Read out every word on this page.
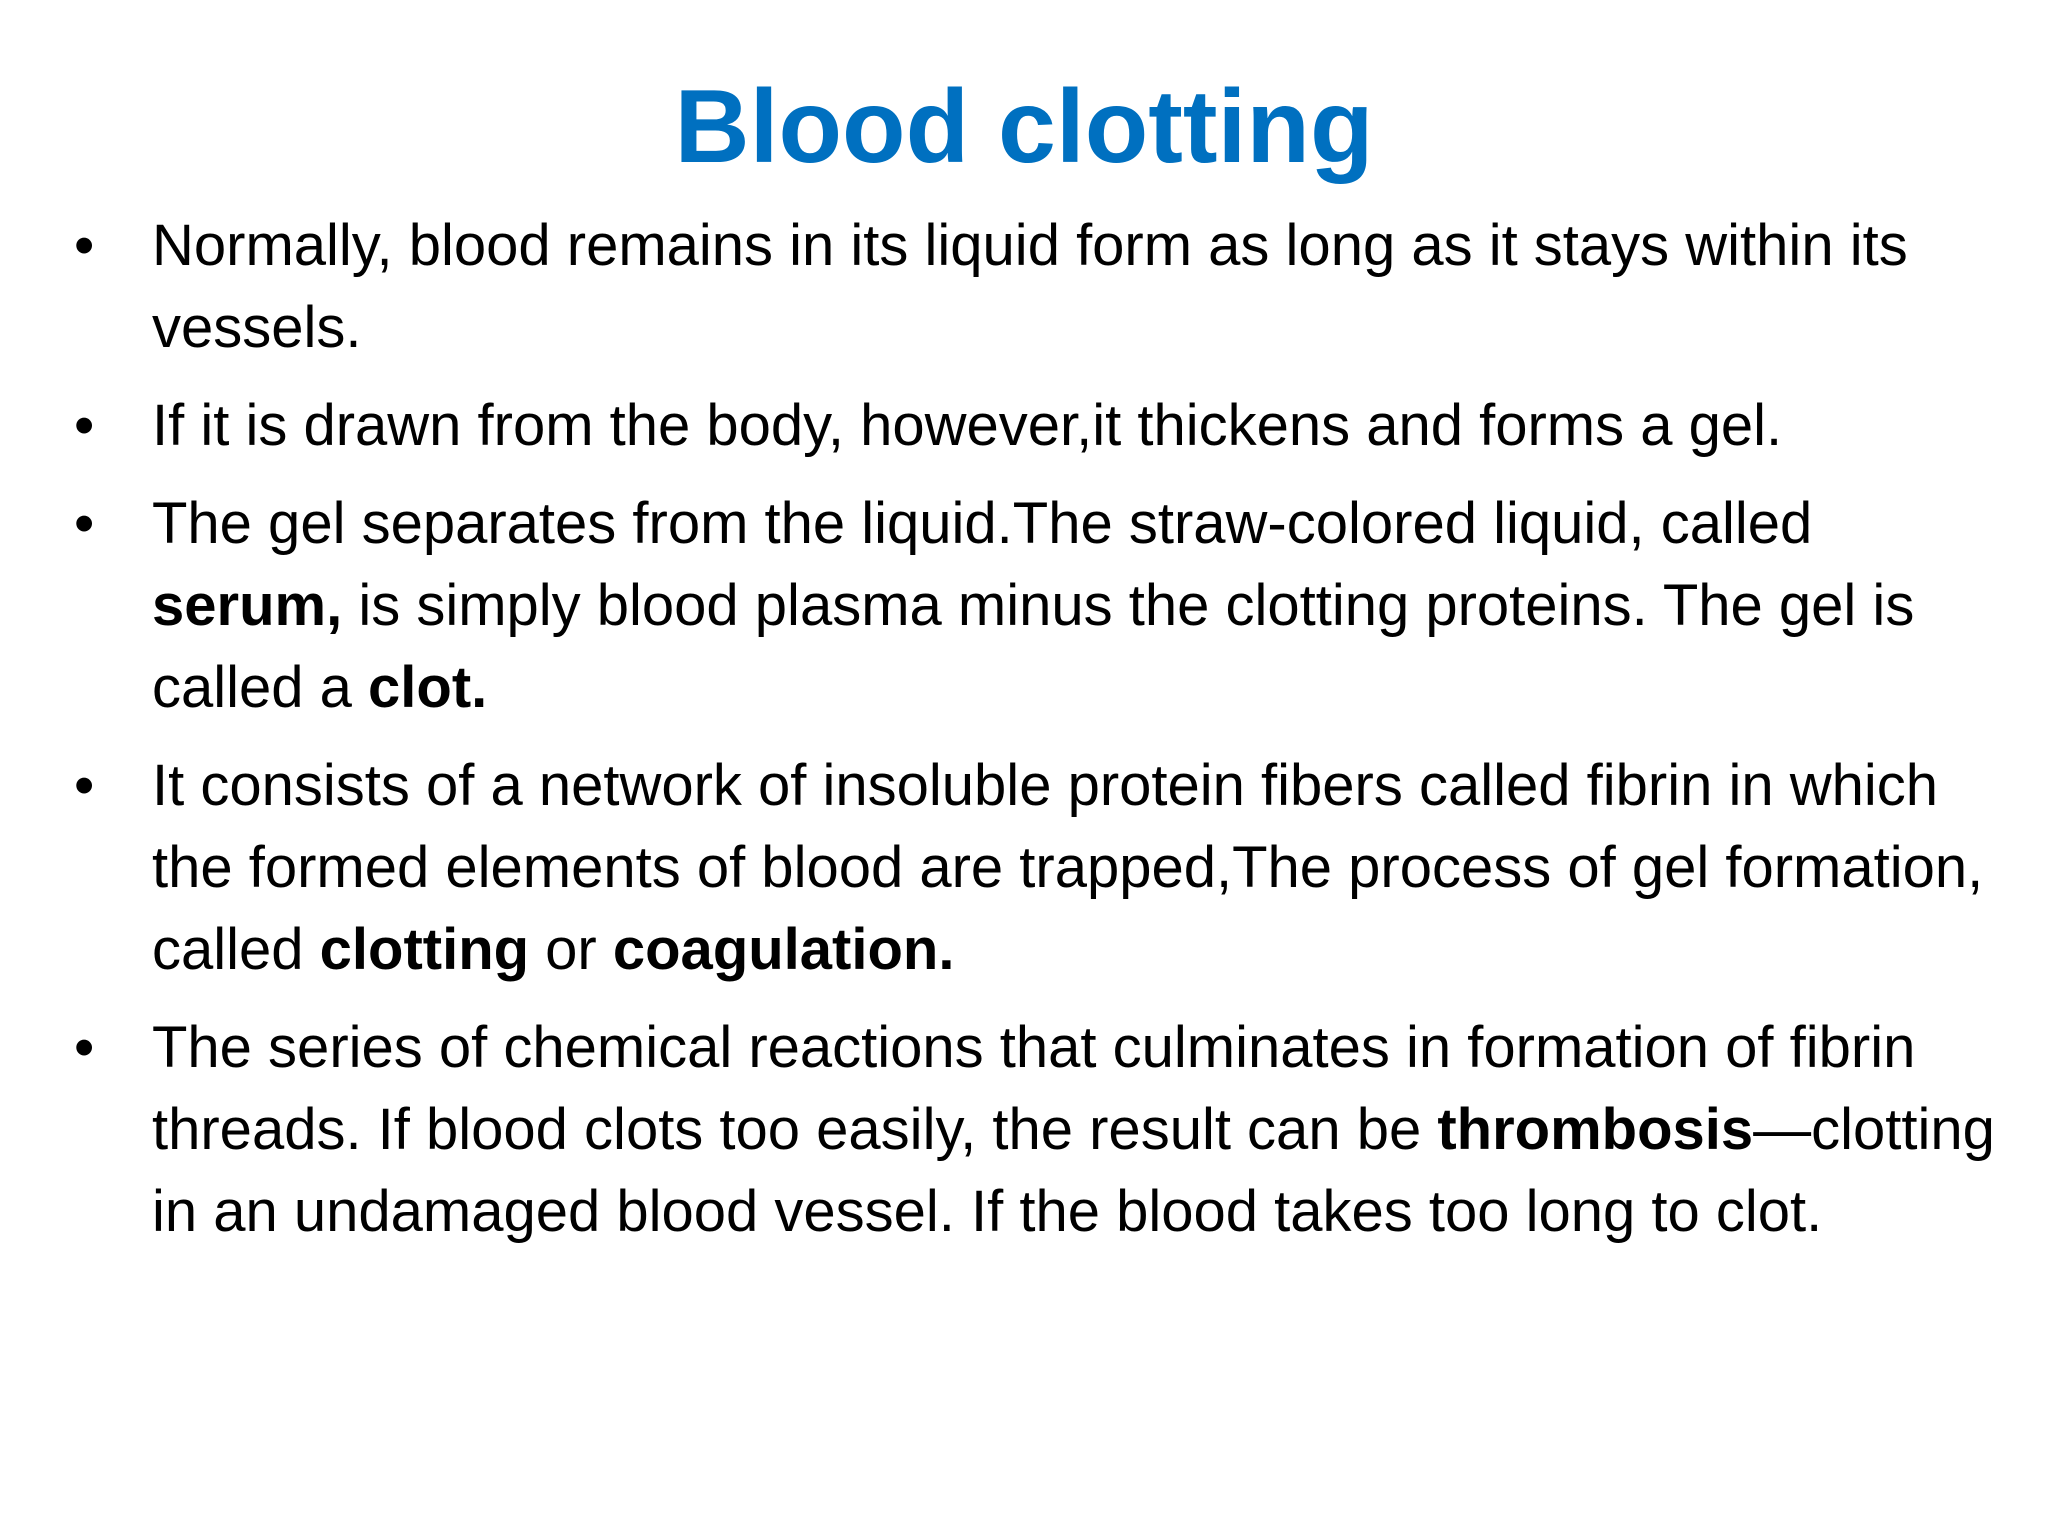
Blood clotting
• Normally, blood remains in its liquid form as long as it stays within its vessels.
• If it is drawn from the body, however,it thickens and forms a gel.
• The gel separates from the liquid.The straw-colored liquid, called serum, is simply blood plasma minus the clotting proteins. The gel is called a clot.
• It consists of a network of insoluble protein fibers called fibrin in which the formed elements of blood are trapped,The process of gel formation, called clotting or coagulation.
• The series of chemical reactions that culminates in formation of fibrin threads. If blood clots too easily, the result can be thrombosis—clotting in an undamaged blood vessel. If the blood takes too long to clot.
